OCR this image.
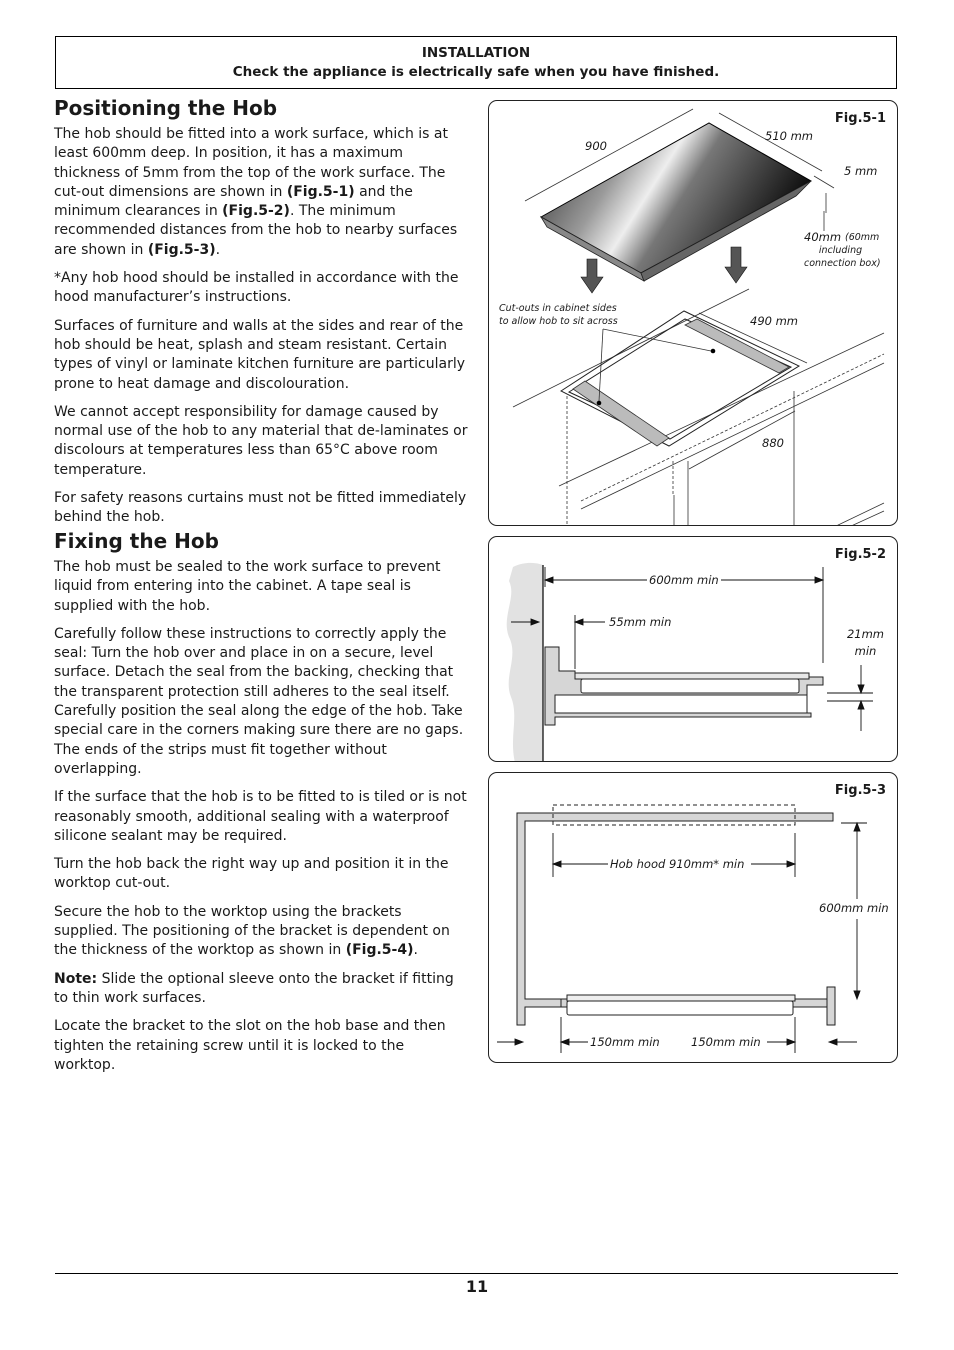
INSTALLATION
Check the appliance is electrically safe when you have finished.
Positioning the Hob

The hob should be fitted into a work surface, which is at least 600mm deep. In position, it has a maximum thickness of 5mm from the top of the work surface. The cut-out dimensions are shown in (Fig.5-1) and the minimum clearances in (Fig.5-2). The minimum recommended distances from the hob to nearby surfaces are shown in (Fig.5-3).

*Any hob hood should be installed in accordance with the hood manufacturer’s instructions.

Surfaces of furniture and walls at the sides and rear of the hob should be heat, splash and steam resistant. Certain types of vinyl or laminate kitchen furniture are particularly prone to heat damage and discolouration.

We cannot accept responsibility for damage caused by normal use of the hob to any material that de-laminates or discolours at temperatures less than 65°C above room temperature.

For safety reasons curtains must not be fitted immediately behind the hob.

Fixing the Hob

The hob must be sealed to the work surface to prevent liquid from entering into the cabinet. A tape seal is supplied with the hob.

Carefully follow these instructions to correctly apply the seal: Turn the hob over and place in on a secure, level surface. Detach the seal from the backing, checking that the transparent protection still adheres to the seal itself. Carefully position the seal along the edge of the hob. Take special care in the corners making sure there are no gaps. The ends of the strips must fit together without overlapping.

If the surface that the hob is to be fitted to is tiled or is not reasonably smooth, additional sealing with a waterproof silicone sealant may be required.

Turn the hob back the right way up and position it in the worktop cut-out.

Secure the hob to the worktop using the brackets supplied. The positioning of the bracket is dependent on the thickness of the worktop as shown in (Fig.5-4).

Note: Slide the optional sleeve onto the bracket if fitting to thin work surfaces.

Locate the bracket to the slot on the hob base and then tighten the retaining screw until it is locked to the worktop.

Fig.5-1
900
510 mm
5 mm
40mm (60mm
including
connection box)
Cut-outs in cabinet sides
to allow hob to sit across	490 mm
880
Fig.5-2
600mm min
55mm min
21mm
min
Fig.5-3
Hob hood 910mm* min
600mm min
150mm min	150mm min
11
